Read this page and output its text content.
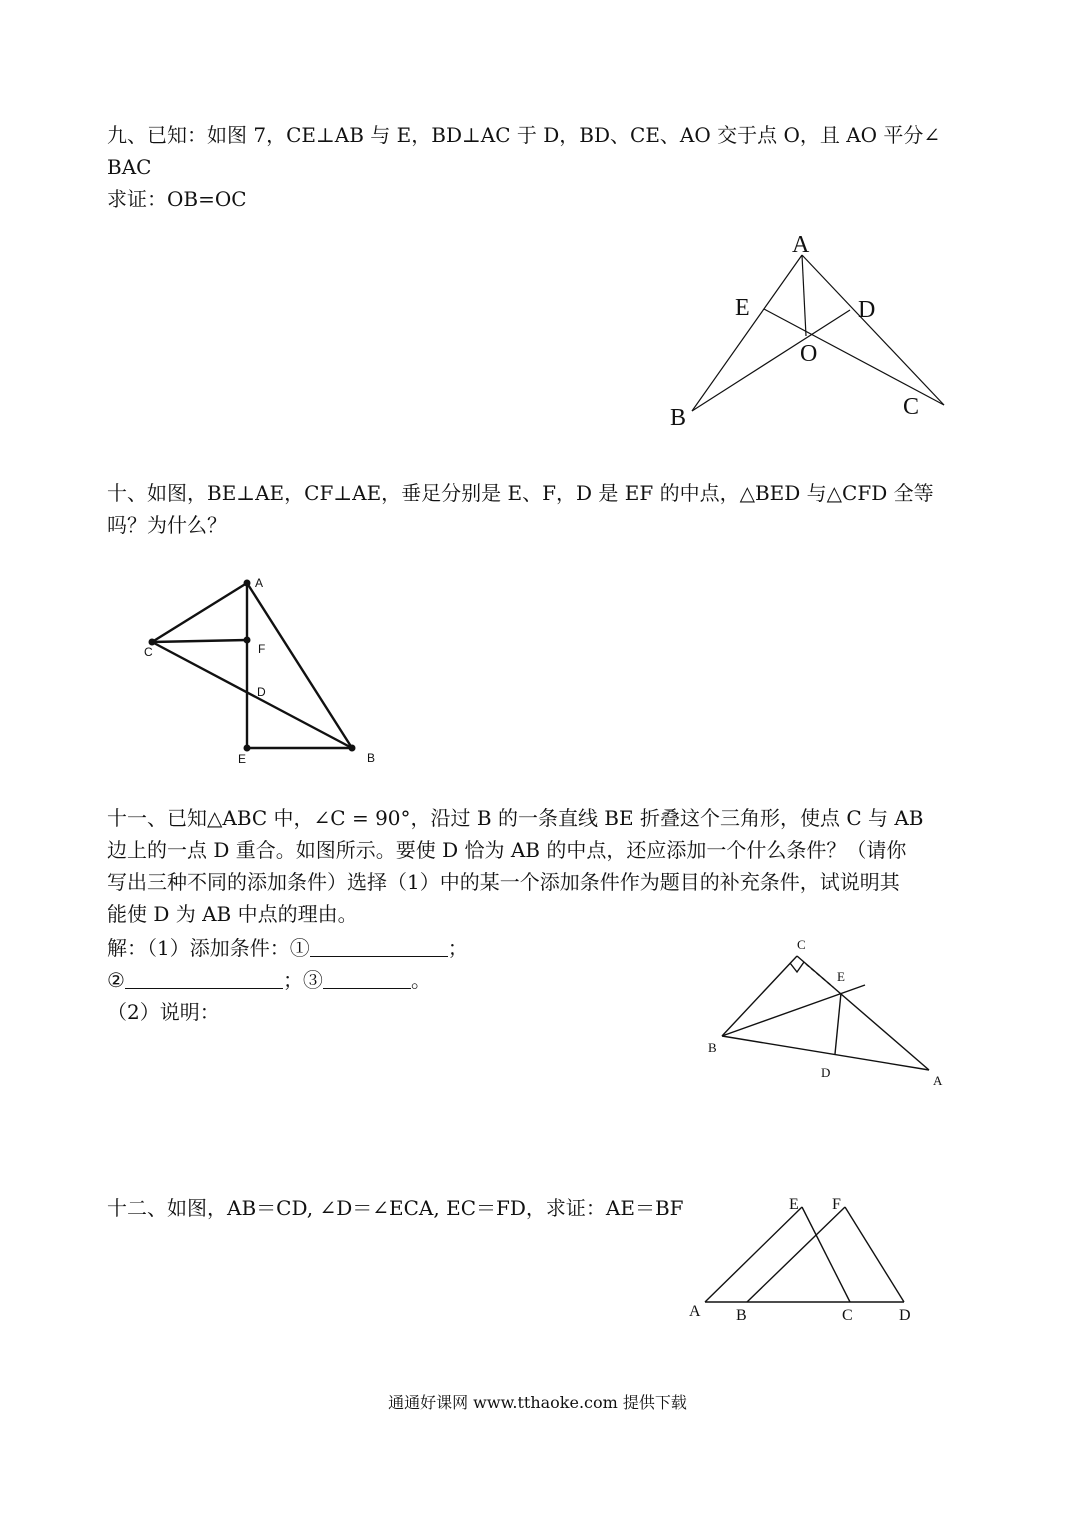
九、已知：如图 7，CE⊥AB 与 E，BD⊥AC 于 D，BD、CE、AO 交于点 O，且 AO 平分∠
BAC
求证：OB=OC
A
E	D
O
B	C
十、如图，BE⊥AE，CF⊥AE，垂足分别是 E、F，D 是 EF 的中点，△BED 与△CFD 全等
吗？为什么？
A
C	F
D
E	B
十一、已知△ABC 中，∠C = 90°，沿过 B 的一条直线 BE 折叠这个三角形，使点 C 与 AB
边上的一点 D 重合。如图所示。要使 D 恰为 AB 的中点，还应添加一个什么条件？（请你
写出三种不同的添加条件）选择（1）中的某一个添加条件作为题目的补充条件，试说明其
能使 D 为 AB 中点的理由。
解：（1）添加条件：①	；
②	；③	。
（2）说明：
C
E
B
D
A
十二、如图，AB＝CD, ∠D＝∠ECA, EC＝FD，求证：AE＝BF	E F
A B	C	D
通通好课网 www.tthaoke.com 提供下载
